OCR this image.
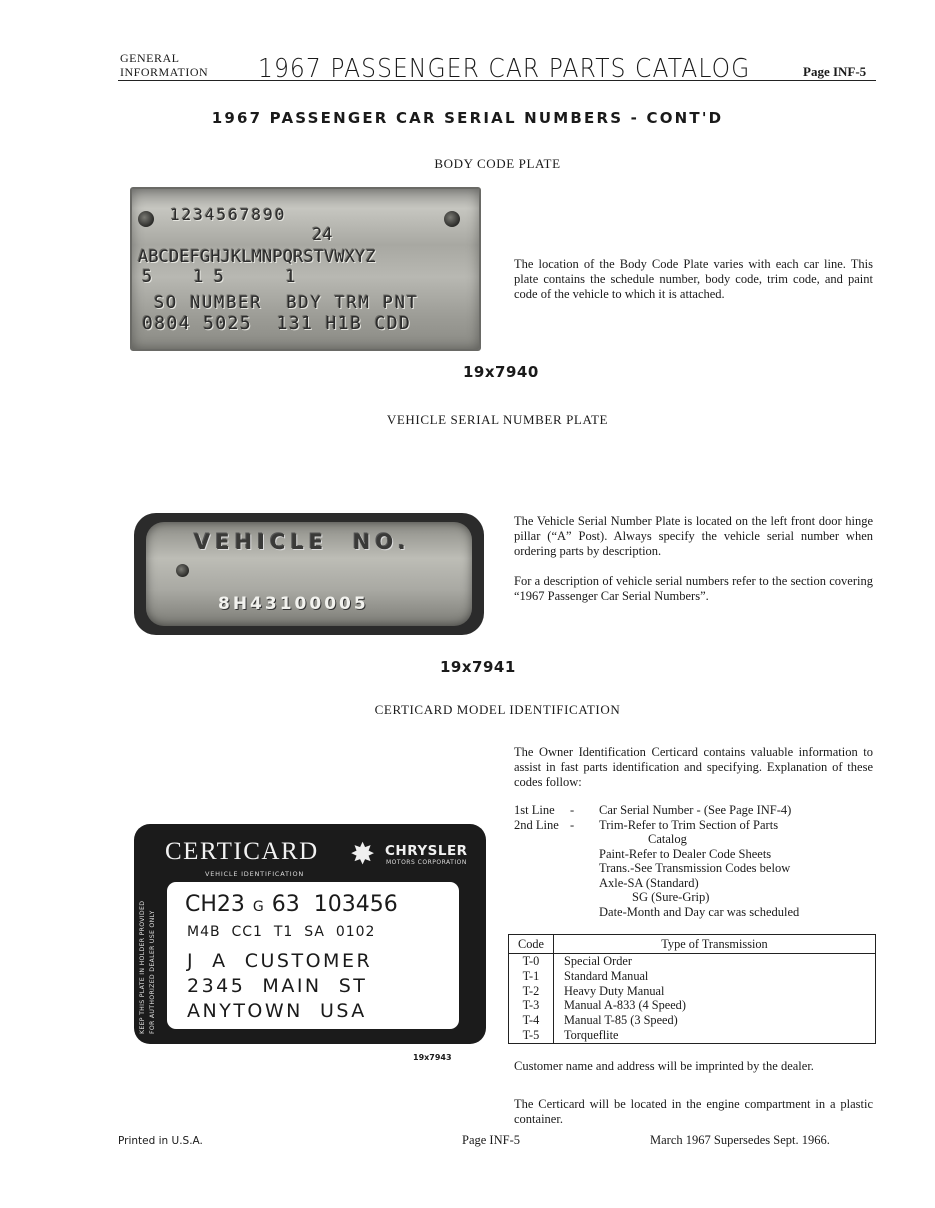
GENERAL
INFORMATION 1967 PASSENGER CAR PARTS CATALOG	Page INF-5
1967 PASSENGER CAR SERIAL NUMBERS - CONT'D
BODY CODE PLATE
1234567890
24
ABCDEFGHJKLMNPQRSTVWXYZ
5    1 5      1
SO NUMBER  BDY TRM PNT
0804 5025  131 H1B CDD
The location of the Body Code Plate varies with each car line. This plate contains the schedule number, body code, trim code, and paint code of the vehicle to which it is attached.
19x7940
VEHICLE SERIAL NUMBER PLATE
VEHICLE  NO.
8H43100005
The Vehicle Serial Number Plate is located on the left front door hinge pillar (“A” Post). Always specify the vehicle serial number when ordering parts by description.
For a description of vehicle serial numbers refer to the section covering “1967 Passenger Car Serial Numbers”.
19x7941
CERTICARD MODEL IDENTIFICATION
CERTICARD
VEHICLE IDENTIFICATION
✸ CHRYSLER
MOTORS CORPORATION
KEEP THIS PLATE IN HOLDER PROVIDED FOR AUTHORIZED DEALER USE ONLY
CH23 G 63  103456
M4B  CC1  T1  SA  0102
J  A  CUSTOMER
2345  MAIN  ST
ANYTOWN  USA
19x7943
The Owner Identification Certicard contains valuable information to assist in fast parts identification and specifying. Explanation of these codes follow:
1st Line - Car Serial Number - (See Page INF-4)
2nd Line - Trim-Refer to Trim Section of Parts
Catalog
Paint-Refer to Dealer Code Sheets
Trans.-See Transmission Codes below
Axle-SA (Standard)
SG (Sure-Grip)
Date-Month and Day car was scheduled
Code	Type of Transmission
T-0	Special Order
T-1	Standard Manual
T-2	Heavy Duty Manual
T-3	Manual A-833 (4 Speed)
T-4	Manual T-85 (3 Speed)
T-5	Torqueflite
Customer name and address will be imprinted by the dealer.
The Certicard will be located in the engine compartment in a plastic container.
Printed in U.S.A.	Page INF-5	March 1967 Supersedes Sept. 1966.
